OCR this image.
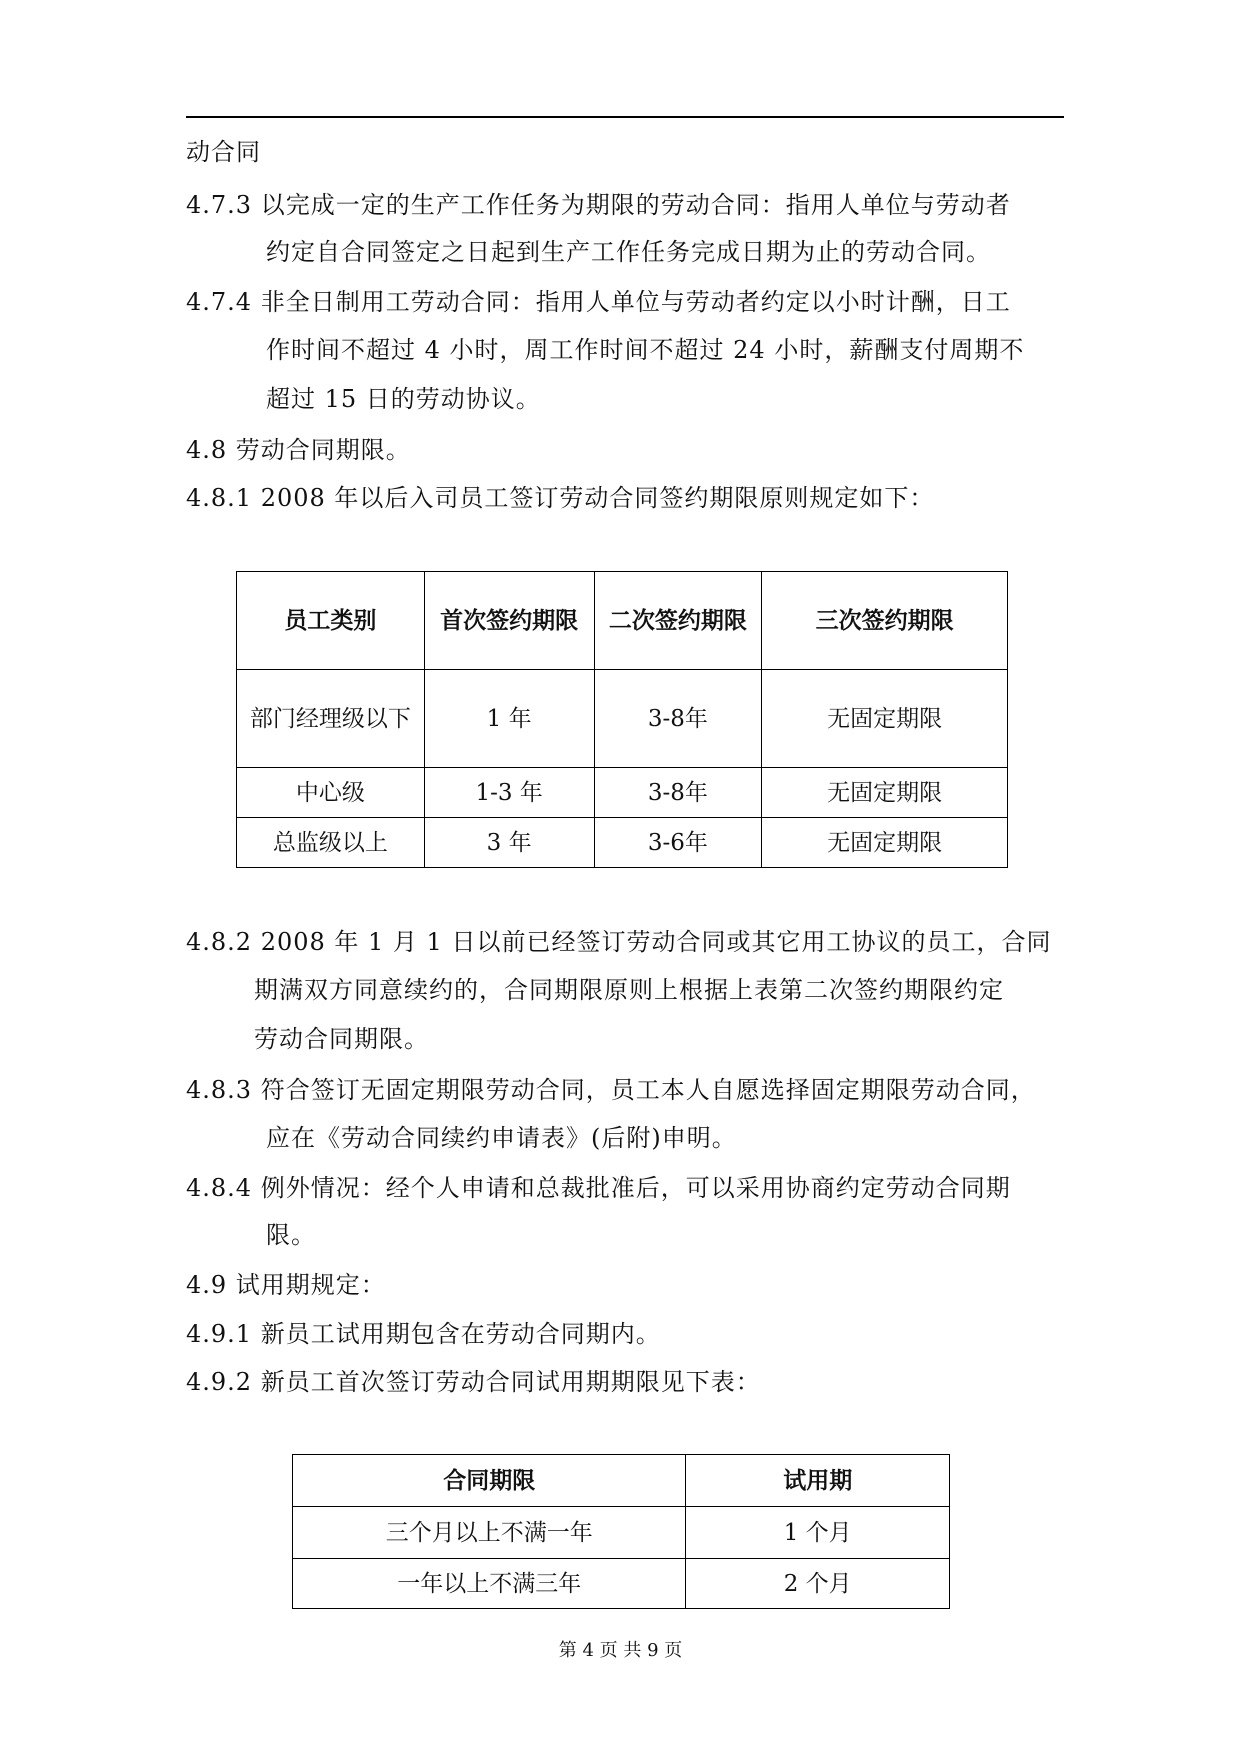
动合同
4.7.3 以完成一定的生产工作任务为期限的劳动合同：指用人单位与劳动者
约定自合同签定之日起到生产工作任务完成日期为止的劳动合同。
4.7.4 非全日制用工劳动合同：指用人单位与劳动者约定以小时计酬，日工
作时间不超过 4 小时，周工作时间不超过 24 小时，薪酬支付周期不
超过 15 日的劳动协议。
4.8 劳动合同期限。
4.8.1 2008 年以后入司员工签订劳动合同签约期限原则规定如下：
员工类别	首次签约期限	二次签约期限	三次签约期限
部门经理级以下	1 年	3-8年	无固定期限
中心级	1-3 年	3-8年	无固定期限
总监级以上	3 年	3-6年	无固定期限
4.8.2 2008 年 1 月 1 日以前已经签订劳动合同或其它用工协议的员工，合同
期满双方同意续约的，合同期限原则上根据上表第二次签约期限约定
劳动合同期限。
4.8.3 符合签订无固定期限劳动合同，员工本人自愿选择固定期限劳动合同，
应在《劳动合同续约申请表》(后附)申明。
4.8.4 例外情况：经个人申请和总裁批准后，可以采用协商约定劳动合同期
限。
4.9 试用期规定：
4.9.1 新员工试用期包含在劳动合同期内。
4.9.2 新员工首次签订劳动合同试用期期限见下表：
合同期限	试用期
三个月以上不满一年	1 个月
一年以上不满三年	2 个月
第 4 页 共 9 页
